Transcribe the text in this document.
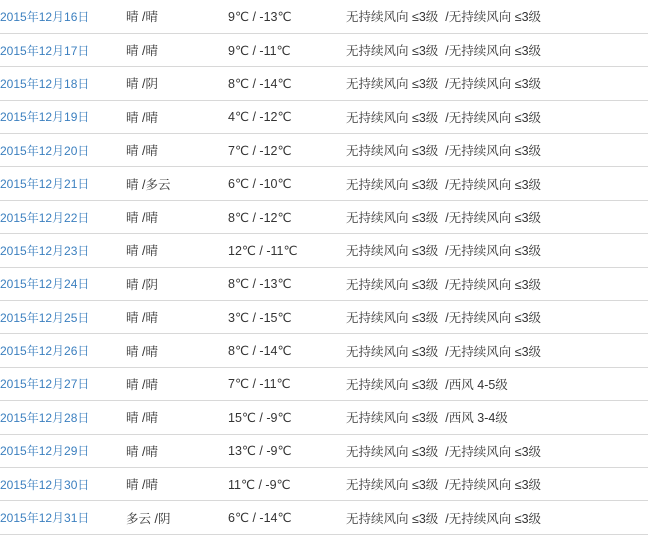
2015年12月16日	晴 /晴	9℃ / -13℃	无持续风向 ≤3级 /无持续风向 ≤3级
2015年12月17日	晴 /晴	9℃ / -11℃	无持续风向 ≤3级 /无持续风向 ≤3级
2015年12月18日	晴 /阴	8℃ / -14℃	无持续风向 ≤3级 /无持续风向 ≤3级
2015年12月19日	晴 /晴	4℃ / -12℃	无持续风向 ≤3级 /无持续风向 ≤3级
2015年12月20日	晴 /晴	7℃ / -12℃	无持续风向 ≤3级 /无持续风向 ≤3级
2015年12月21日	晴 /多云	6℃ / -10℃	无持续风向 ≤3级 /无持续风向 ≤3级
2015年12月22日	晴 /晴	8℃ / -12℃	无持续风向 ≤3级 /无持续风向 ≤3级
2015年12月23日	晴 /晴	12℃ / -11℃	无持续风向 ≤3级 /无持续风向 ≤3级
2015年12月24日	晴 /阴	8℃ / -13℃	无持续风向 ≤3级 /无持续风向 ≤3级
2015年12月25日	晴 /晴	3℃ / -15℃	无持续风向 ≤3级 /无持续风向 ≤3级
2015年12月26日	晴 /晴	8℃ / -14℃	无持续风向 ≤3级 /无持续风向 ≤3级
2015年12月27日	晴 /晴	7℃ / -11℃	无持续风向 ≤3级 /西风 4-5级
2015年12月28日	晴 /晴	15℃ / -9℃	无持续风向 ≤3级 /西风 3-4级
2015年12月29日	晴 /晴	13℃ / -9℃	无持续风向 ≤3级 /无持续风向 ≤3级
2015年12月30日	晴 /晴	11℃ / -9℃	无持续风向 ≤3级 /无持续风向 ≤3级
2015年12月31日	多云 /阴	6℃ / -14℃	无持续风向 ≤3级 /无持续风向 ≤3级
